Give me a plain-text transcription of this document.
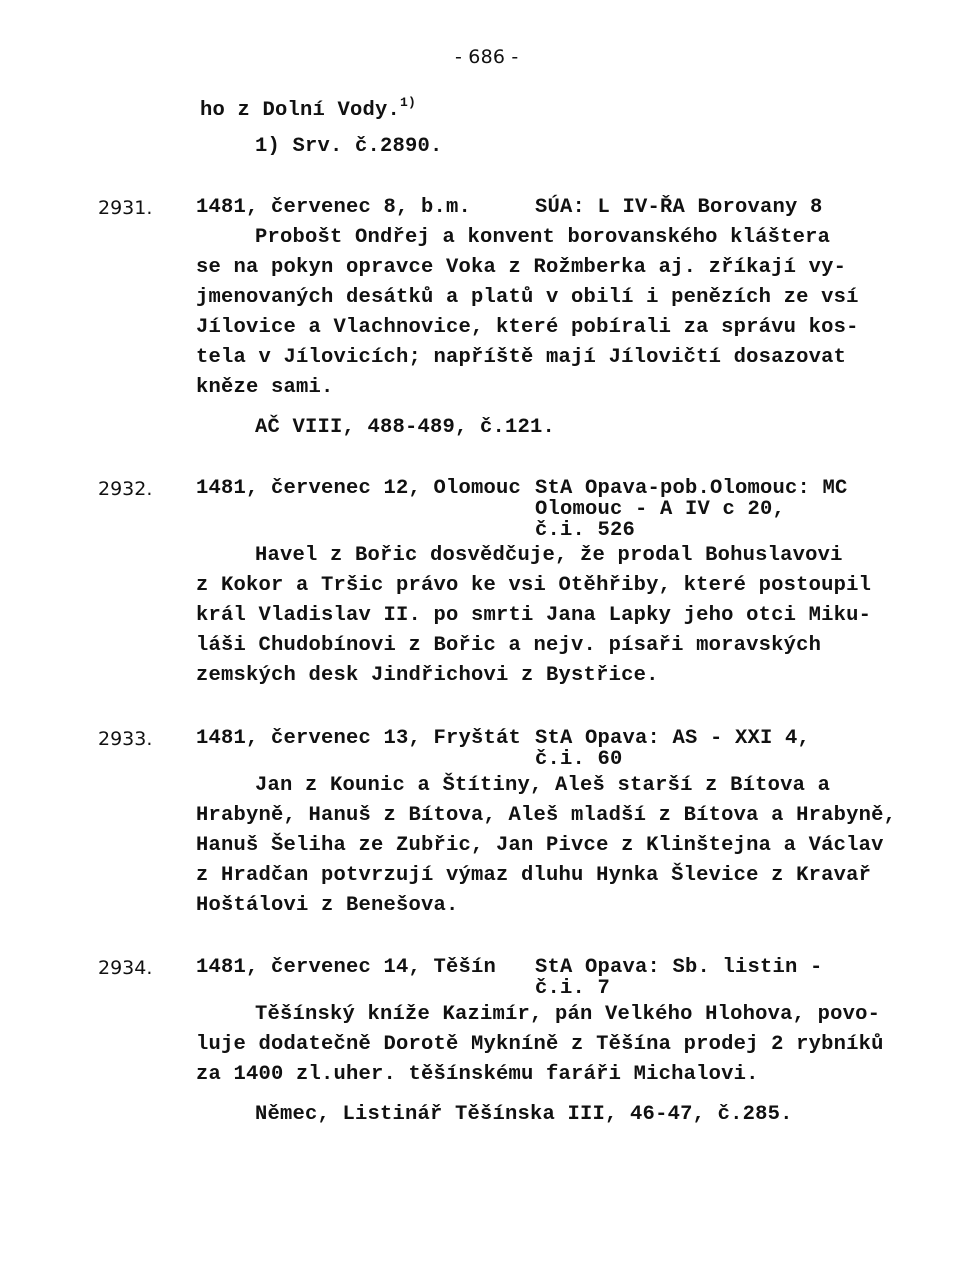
- 686 -
ho z Dolní Vody.$^{1)}$
1) Srv. č.2890.
2931. 1481, červenec 8, b.m.	SÚA: L IV-ŘA Borovany 8
Probošt Ondřej a konvent borovanského kláštera
se na pokyn opravce Voka z Rožmberka aj. zříkají vy-
jmenovaných desátků a platů v obilí i penězích ze vsí
Jílovice a Vlachnovice, které pobírali za správu kos-
tela v Jílovicích; napříště mají Jílovičtí dosazovat
kněze sami.
AČ VIII, 488-489, č.121.
2932. 1481, červenec 12, Olomouc StA Opava-pob.Olomouc: MC
Olomouc - A IV c 20,
č.i. 526
Havel z Bořic dosvědčuje, že prodal Bohuslavovi
z Kokor a Tršic právo ke vsi Otěhřiby, které postoupil
král Vladislav II. po smrti Jana Lapky jeho otci Miku-
láši Chudobínovi z Bořic a nejv. písaři moravských
zemských desk Jindřichovi z Bystřice.
2933. 1481, červenec 13, Fryštát StA Opava: AS - XXI 4,
č.i. 60
Jan z Kounic a Štítiny, Aleš starší z Bítova a
Hrabyně, Hanuš z Bítova, Aleš mladší z Bítova a Hrabyně,
Hanuš Šeliha ze Zubřic, Jan Pivce z Klinštejna a Václav
z Hradčan potvrzují výmaz dluhu Hynka Šlevice z Kravař
Hoštálovi z Benešova.
2934. 1481, červenec 14, Těšín StA Opava: Sb. listin -
č.i. 7
Těšínský kníže Kazimír, pán Velkého Hlohova, povo-
luje dodatečně Dorotě Mykníně z Těšína prodej 2 rybníků
za 1400 zl.uher. těšínskému faráři Michalovi.
Němec, Listinář Těšínska III, 46-47, č.285.
